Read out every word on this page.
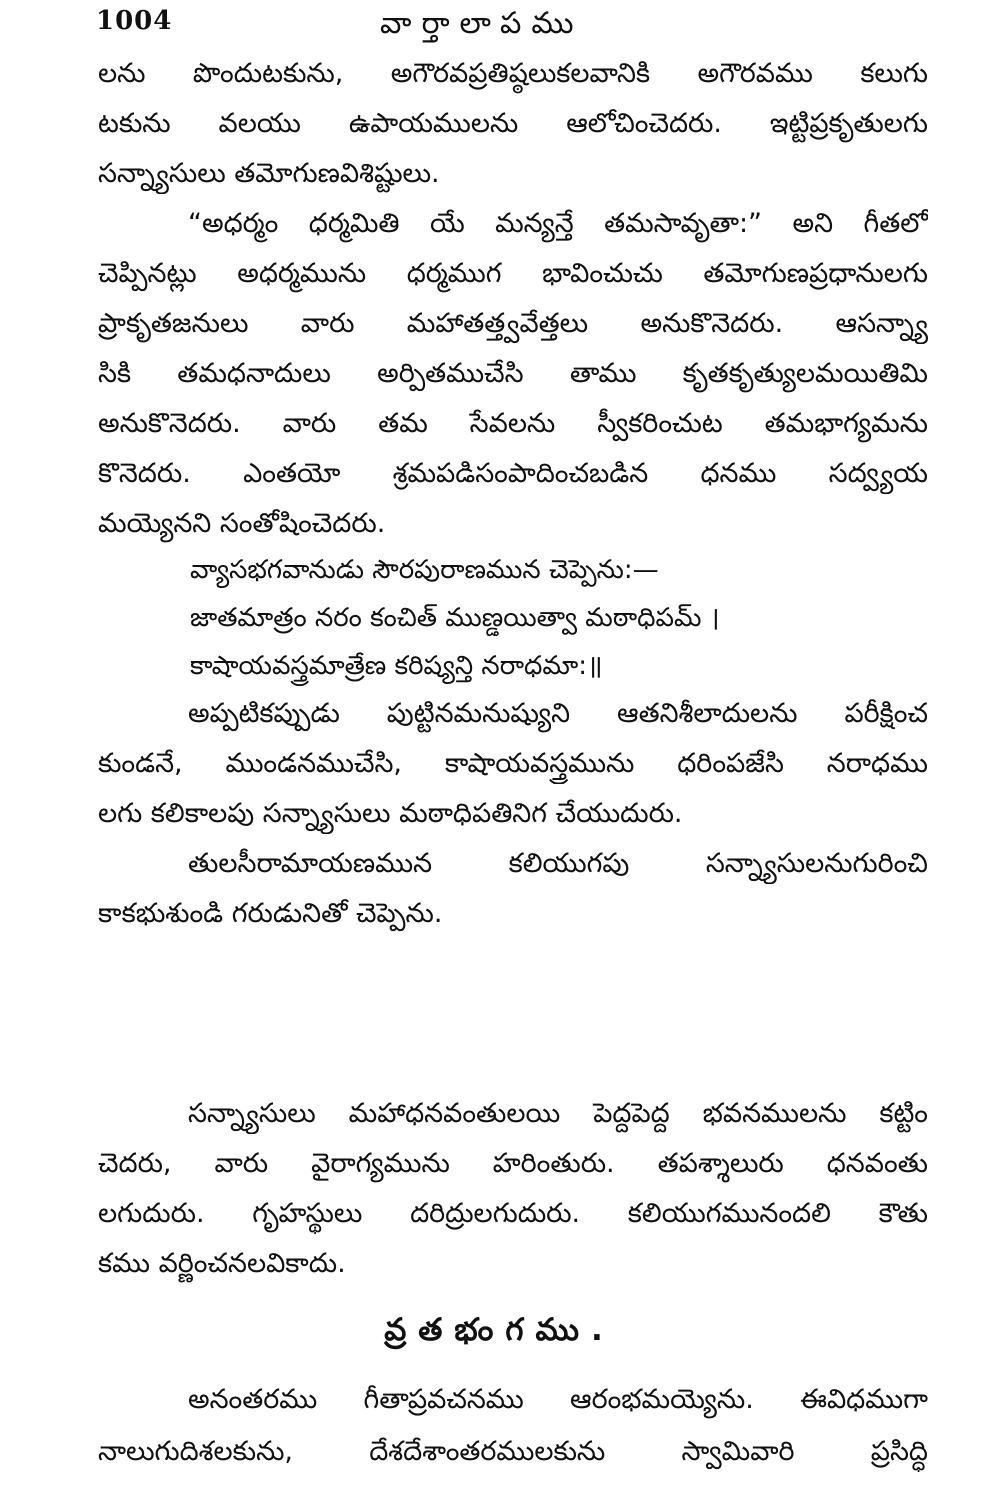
1004	వార్తాలాపము
లను పొందుటకును, అగౌరవప్రతిష్ఠలుకలవానికి అగౌరవము కలుగు
టకును వలయు ఉపాయములను ఆలోచించెదరు. ఇట్టిప్రకృతులగు
సన్న్యాసులు తమోగుణవిశిష్టులు.
“అధర్మం ధర్మమితి యే మన్యన్తే తమసావృతా:” అని గీతలో
చెప్పినట్లు అధర్మమును ధర్మముగ భావించుచు తమోగుణప్రధానులగు
ప్రాకృతజనులు వారు మహాతత్త్వవేత్తలు అనుకొనెదరు. ఆసన్న్యా
సికి తమధనాదులు అర్పితముచేసి తాము కృతకృత్యులమయితిమి
అనుకొనెదరు. వారు తమ సేవలను స్వీకరించుట తమభాగ్యమను
కొనెదరు. ఎంతయో శ్రమపడిసంపాదించబడిన ధనము సద్వ్యయ
మయ్యెనని సంతోషించెదరు.
వ్యాసభగవానుడు సౌరపురాణమున చెప్పెను:—
జాతమాత్రం నరం కంచిత్ ముణ్డయిత్వా మఠాధిపమ్ ।
కాషాయవస్త్రమాత్రేణ కరిష్యన్తి నరాధమా:॥
అప్పటికప్పుడు పుట్టినమనుష్యుని ఆతనిశీలాదులను పరీక్షించ
కుండనే, ముండనముచేసి, కాషాయవస్త్రమును ధరింపజేసి నరాధము
లగు కలికాలపు సన్న్యాసులు మఠాధిపతినిగ చేయుదురు.
తులసీరామాయణమున కలియుగపు సన్న్యాసులనుగురించి
కాకభుశుండి గరుడునితో చెప్పెను.
సన్న్యాసులు మహాధనవంతులయి పెద్దపెద్ద భవనములను కట్టిం
చెదరు, వారు వైరాగ్యమును హరింతురు. తపశ్శాలురు ధనవంతు
లగుదురు. గృహస్థులు దరిద్రులగుదురు. కలియుగమునందలి కౌతు
కము వర్ణించనలవికాదు.
వ్రతభంగము.
అనంతరము గీతాప్రవచనము ఆరంభమయ్యెను. ఈవిధముగా
నాలుగుదిశలకును, దేశదేశాంతరములకును స్వామివారి ప్రసిద్ధి
